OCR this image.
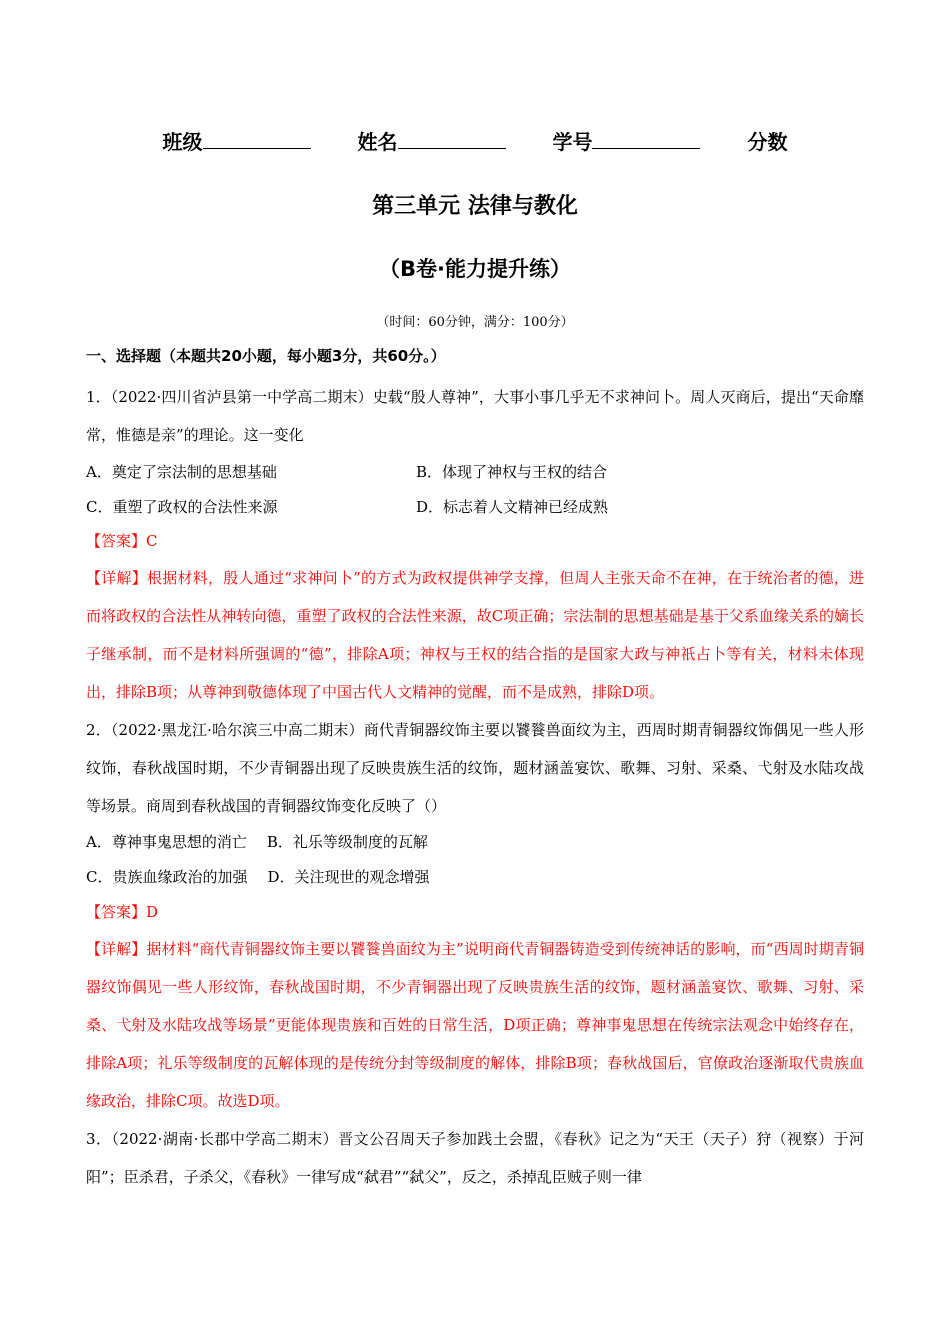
班级	姓名	学号	分数
第三单元 法律与教化
（B卷·能力提升练）
（时间：60分钟，满分：100分）
一、选择题（本题共20小题，每小题3分，共60分。）

1．（2022·四川省泸县第一中学高二期末）史载“殷人尊神”，大事小事几乎无不求神问卜。周人灭商后，提出“天命靡常，惟德是亲”的理论。这一变化

A．奠定了宗法制的思想基础	B．体现了神权与王权的结合
C．重塑了政权的合法性来源	D．标志着人文精神已经成熟
【答案】C

【详解】根据材料，殷人通过“求神问卜”的方式为政权提供神学支撑，但周人主张天命不在神，在于统治者的德，进而将政权的合法性从神转向德，重塑了政权的合法性来源，故C项正确；宗法制的思想基础是基于父系血缘关系的嫡长子继承制，而不是材料所强调的“德”，排除A项；神权与王权的结合指的是国家大政与神祇占卜等有关，材料未体现出，排除B项；从尊神到敬德体现了中国古代人文精神的觉醒，而不是成熟，排除D项。

2．（2022·黑龙江·哈尔滨三中高二期末）商代青铜器纹饰主要以饕餮兽面纹为主，西周时期青铜器纹饰偶见一些人形纹饰，春秋战国时期，不少青铜器出现了反映贵族生活的纹饰，题材涵盖宴饮、歌舞、习射、采桑、弋射及水陆攻战等场景。商周到春秋战国的青铜器纹饰变化反映了（）

A．尊神事鬼思想的消亡 B．礼乐等级制度的瓦解
C．贵族血缘政治的加强 D．关注现世的观念增强
【答案】D

【详解】据材料“商代青铜器纹饰主要以饕餮兽面纹为主”说明商代青铜器铸造受到传统神话的影响，而“西周时期青铜器纹饰偶见一些人形纹饰，春秋战国时期，不少青铜器出现了反映贵族生活的纹饰，题材涵盖宴饮、歌舞、习射、采桑、弋射及水陆攻战等场景”更能体现贵族和百姓的日常生活，D项正确；尊神事鬼思想在传统宗法观念中始终存在，排除A项；礼乐等级制度的瓦解体现的是传统分封等级制度的解体，排除B项；春秋战国后，官僚政治逐渐取代贵族血缘政治，排除C项。故选D项。

3．（2022·湖南·长郡中学高二期末）晋文公召周天子参加践土会盟，《春秋》记之为“天王（天子）狩（视察）于河阳”；臣杀君，子杀父，《春秋》一律写成“弑君”“弑父”，反之，杀掉乱臣贼子则一律
